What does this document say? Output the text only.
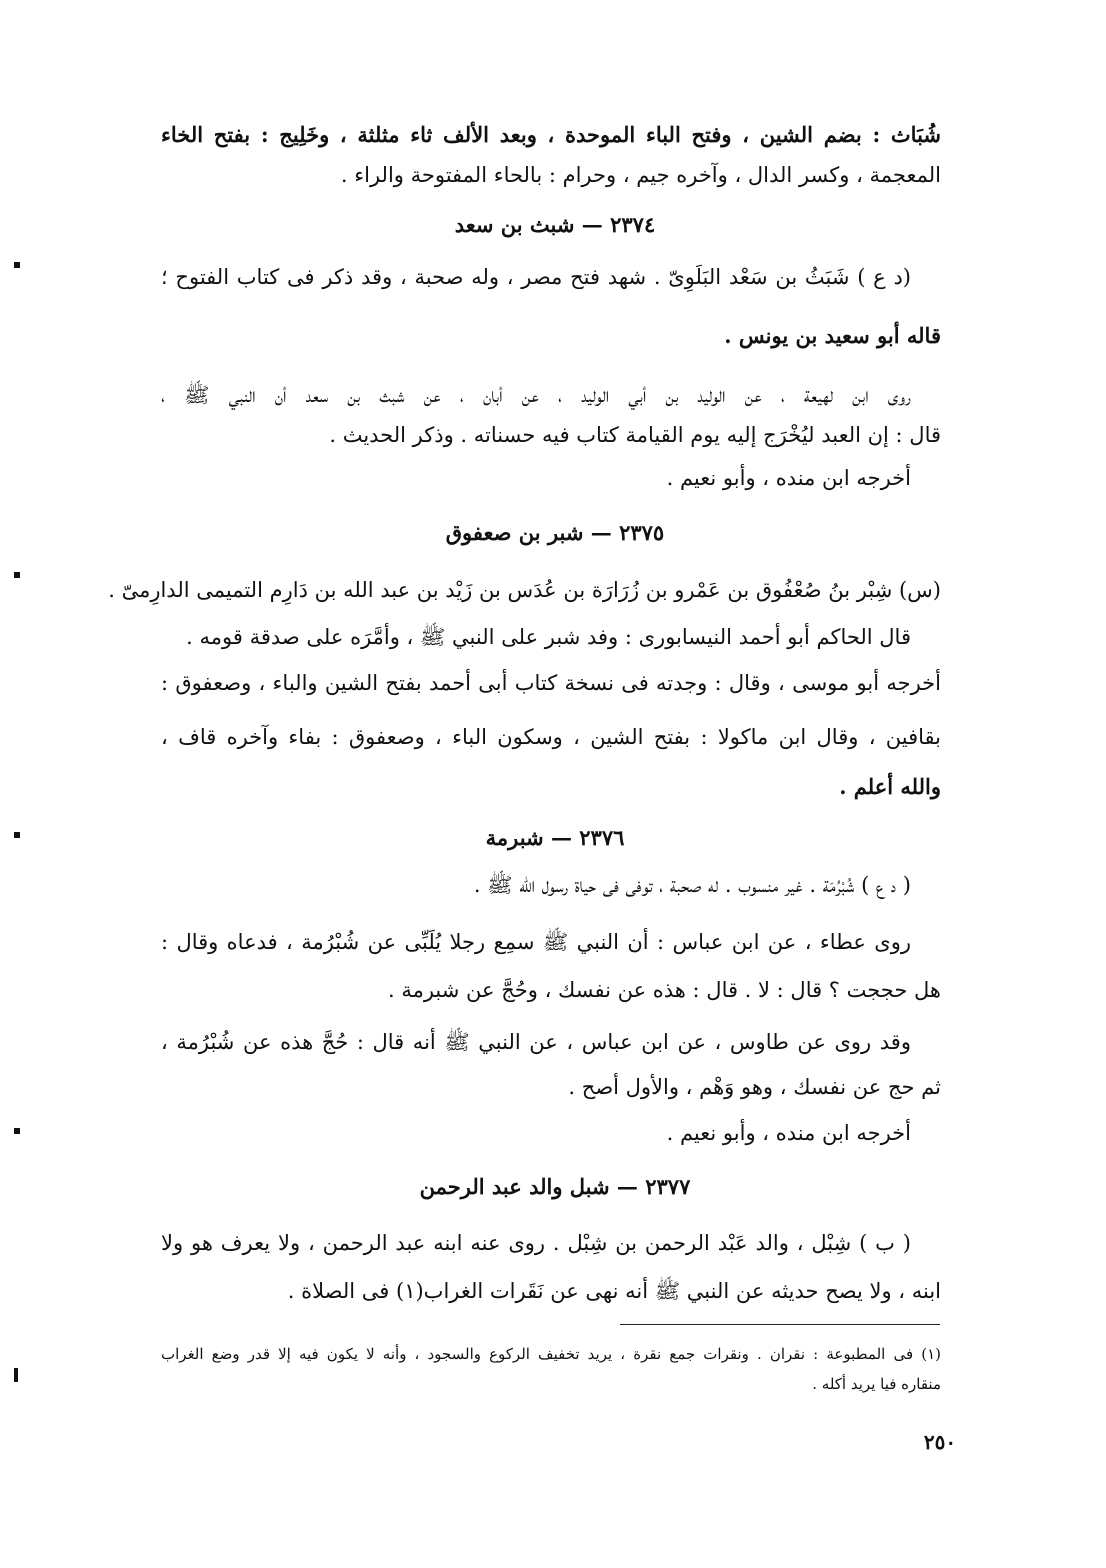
شُبَاث : بضم الشين ، وفتح الباء الموحدة ، وبعد الألف ثاء مثلثة ، وخَلِيج : بفتح الخاء
المعجمة ، وكسر الدال ، وآخره جيم ، وحرام : بالحاء المفتوحة والراء .
٢٣٧٤ — شبث بن سعد
(د ع ) شَبَثُ بن سَعْد البَلَوِىّ . شهد فتح مصر ، وله صحبة ، وقد ذكر فى كتاب الفتوح ؛
قاله أبو سعيد بن يونس .
روى ابن لهيعة ، عن الوليد بن أبي الوليد ، عن أبان ، عن شبث بن سعد أن النبي ﷺ ،
قال : إن العبد ليُخْرَج إليه يوم القيامة كتاب فيه حسناته . وذكر الحديث .
أخرجه ابن منده ، وأبو نعيم .
٢٣٧٥ — شبر بن صعفوق
(س) شِبْر بنُ صُعْفُوق بن عَمْرو بن زُرَارَة بن عُدَس بن زَيْد بن عبد الله بن دَارِم التميمى الدارِمىّ .
قال الحاكم أبو أحمد النيسابورى : وفد شبر على النبي ﷺ ، وأمَّرَه على صدقة قومه .
أخرجه أبو موسى ، وقال : وجدته فى نسخة كتاب أبى أحمد بفتح الشين والباء ، وصعفوق :
بقافين ، وقال ابن ماكولا : بفتح الشين ، وسكون الباء ، وصعفوق : بفاء وآخره قاف ،
والله أعلم .
٢٣٧٦ — شبرمة
( د ع ) شُبْرُمَة . غير منسوب . له صحبة ، توفى فى حياة رسول الله ﷺ .
روى عطاء ، عن ابن عباس : أن النبي ﷺ سمِع رجلا يُلَبِّى عن شُبْرُمة ، فدعاه وقال :
هل حججت ؟ قال : لا . قال : هذه عن نفسك ، وحُجَّ عن شبرمة .
وقد روى عن طاوس ، عن ابن عباس ، عن النبي ﷺ أنه قال : حُجَّ هذه عن شُبْرُمة ،
ثم حج عن نفسك ، وهو وَهْم ، والأول أصح .
أخرجه ابن منده ، وأبو نعيم .
٢٣٧٧ — شبل والد عبد الرحمن
( ب ) شِبْل ، والد عَبْد الرحمن بن شِبْل . روى عنه ابنه عبد الرحمن ، ولا يعرف هو ولا
ابنه ، ولا يصح حديثه عن النبي ﷺ أنه نهى عن نَقَرات الغراب(١) فى الصلاة .
(١) فى المطبوعة : نقران . ونقرات جمع نقرة ، يريد تخفيف الركوع والسجود ، وأنه لا يكون فيه إلا قدر وضع الغراب
منقاره فيا يريد أكله .
٢٥٠
